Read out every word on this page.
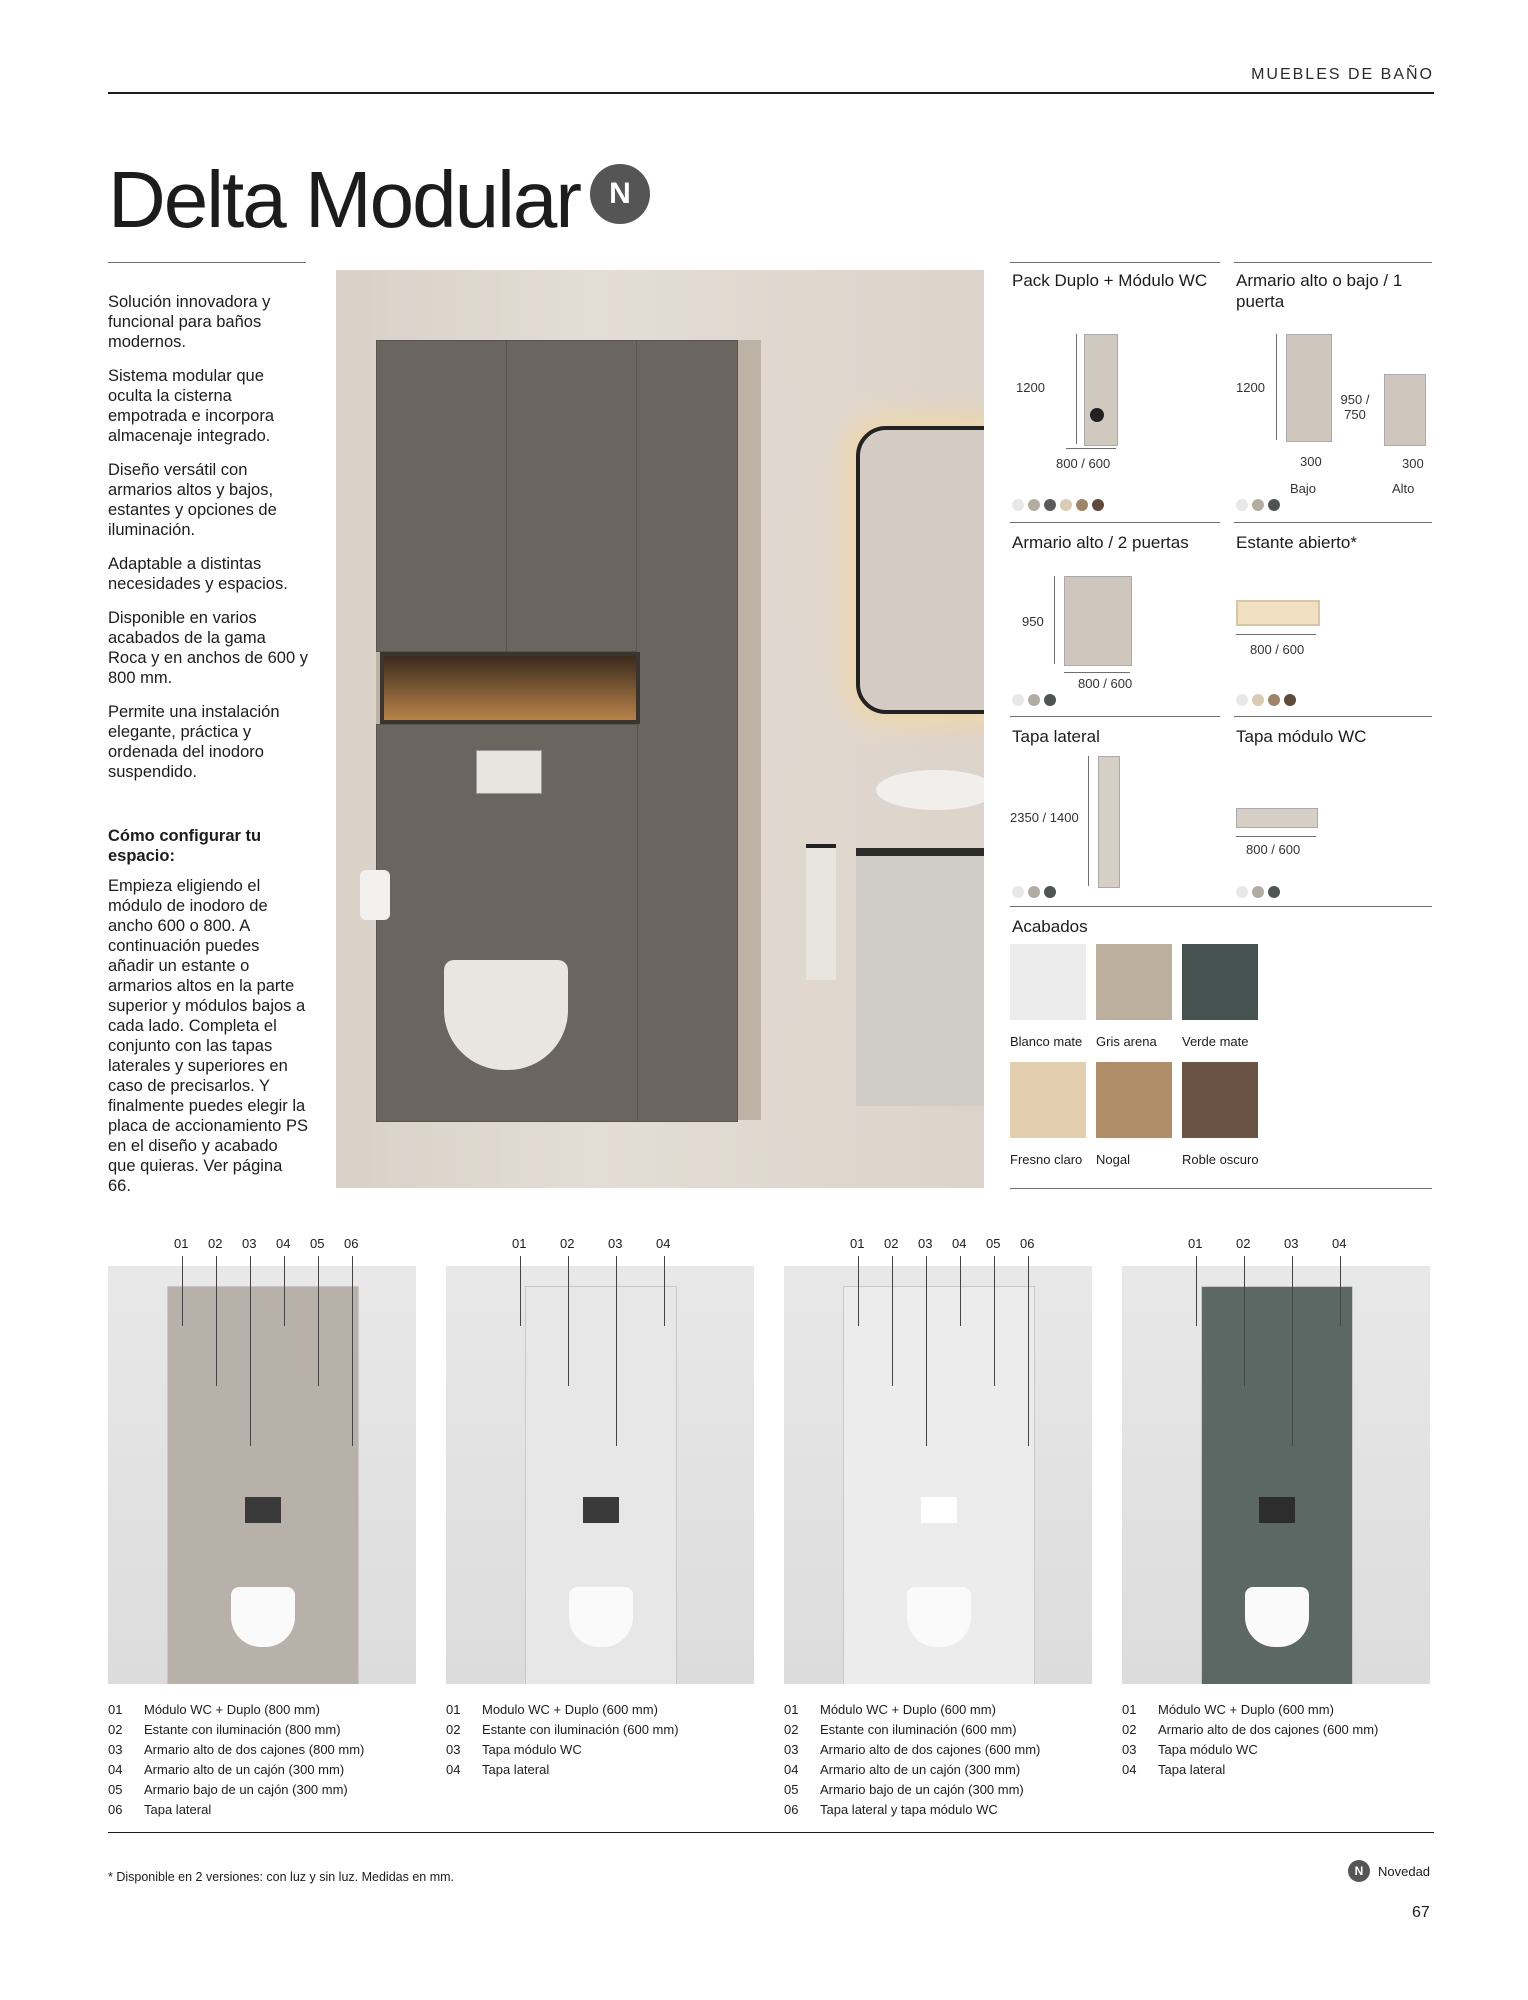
MUEBLES DE BAÑO
Delta Modular N

Solución innovadora y funcional para baños modernos.

Sistema modular que oculta la cisterna empotrada e incorpora almacenaje integrado.

Diseño versátil con armarios altos y bajos, estantes y opciones de iluminación.

Adaptable a distintas necesidades y espacios.

Disponible en varios acabados de la gama Roca y en anchos de 600 y 800 mm.

Permite una instalación elegante, práctica y ordenada del inodoro suspendido.

Cómo configurar tu espacio:

Empieza eligiendo el módulo de inodoro de ancho 600 o 800. A continuación puedes añadir un estante o armarios altos en la parte superior y módulos bajos a cada lado. Completa el conjunto con las tapas laterales y superiores en caso de precisarlos. Y finalmente puedes elegir la placa de accionamiento PS en el diseño y acabado que quieras. Ver página 66.

Pack Duplo + Módulo WC
1200
800 / 600
Armario alto o bajo / 1 puerta
1200
950 / 750
300	300
Bajo	Alto
Armario alto / 2 puertas
950
800 / 600
Estante abierto*
800 / 600
Tapa lateral
2350 / 1400
Tapa módulo WC
800 / 600
Acabados
Blanco mate Gris arena Verde mate
Fresno claro Nogal	Roble oscuro
01 02 03 04 05 06
01	Módulo WC + Duplo (800 mm)
02	Estante con iluminación (800 mm)
03	Armario alto de dos cajones (800 mm)
04	Armario alto de un cajón (300 mm)
05	Armario bajo de un cajón (300 mm)
06	Tapa lateral
01	02	03	04
01	Modulo WC + Duplo (600 mm)
02	Estante con iluminación (600 mm)
03	Tapa módulo WC
04	Tapa lateral
01 02 03 04 05 06
01	Módulo WC + Duplo (600 mm)
02	Estante con iluminación (600 mm)
03	Armario alto de dos cajones (600 mm)
04	Armario alto de un cajón (300 mm)
05	Armario bajo de un cajón (300 mm)
06	Tapa lateral y tapa módulo WC
01	02	03	04
01	Módulo WC + Duplo (600 mm)
02	Armario alto de dos cajones (600 mm)
03	Tapa módulo WC
04	Tapa lateral
* Disponible en 2 versiones: con luz y sin luz. Medidas en mm.	N	Novedad
67
